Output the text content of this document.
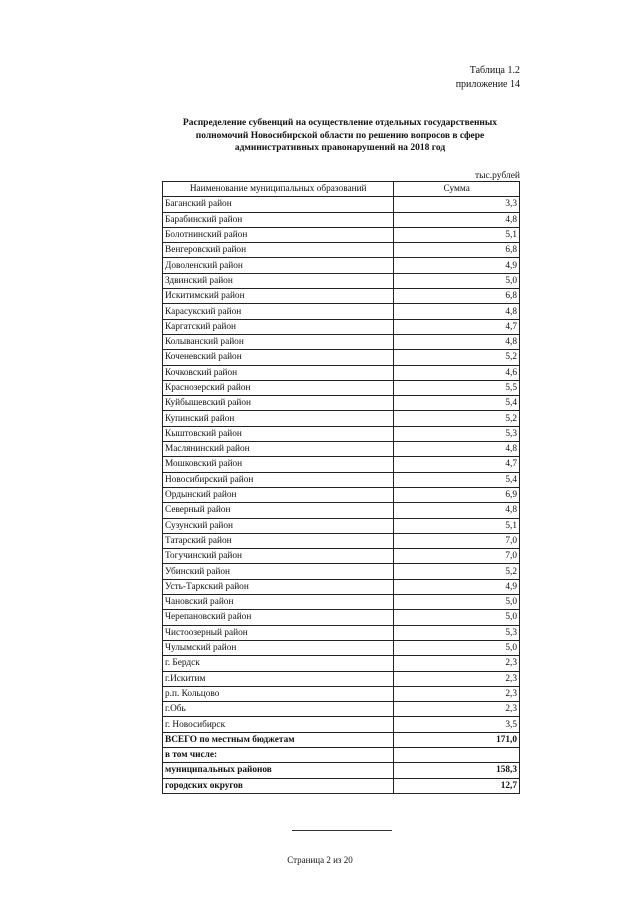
Таблица 1.2
приложение 14
Распределение субвенций на осуществление отдельных государственных полномочий Новосибирской области по решению вопросов в сфере административных правонарушений на 2018 год
тыс.рублей
Наименование муниципальных образований	Сумма
Баганский район	3,3
Барабинский район	4,8
Болотнинский район	5,1
Венгеровский район	6,8
Доволенский район	4,9
Здвинский район	5,0
Искитимский район	6,8
Карасукский район	4,8
Каргатский район	4,7
Колыванский район	4,8
Коченевский район	5,2
Кочковский район	4,6
Краснозерский район	5,5
Куйбышевский район	5,4
Купинский район	5,2
Кыштовский район	5,3
Маслянинский район	4,8
Мошковский район	4,7
Новосибирский район	5,4
Ордынский район	6,9
Северный район	4,8
Сузунский район	5,1
Татарский район	7,0
Тогучинский район	7,0
Убинский район	5,2
Усть-Таркский район	4,9
Чановский район	5,0
Черепановский район	5,0
Чистоозерный район	5,3
Чулымский район	5,0
г. Бердск	2,3
г.Искитим	2,3
р.п. Кольцово	2,3
г.Обь	2,3
г. Новосибирск	3,5
ВСЕГО по местным бюджетам	171,0
в том числе:	
муниципальных районов	158,3
городских округов	12,7
Страница 2 из 20
